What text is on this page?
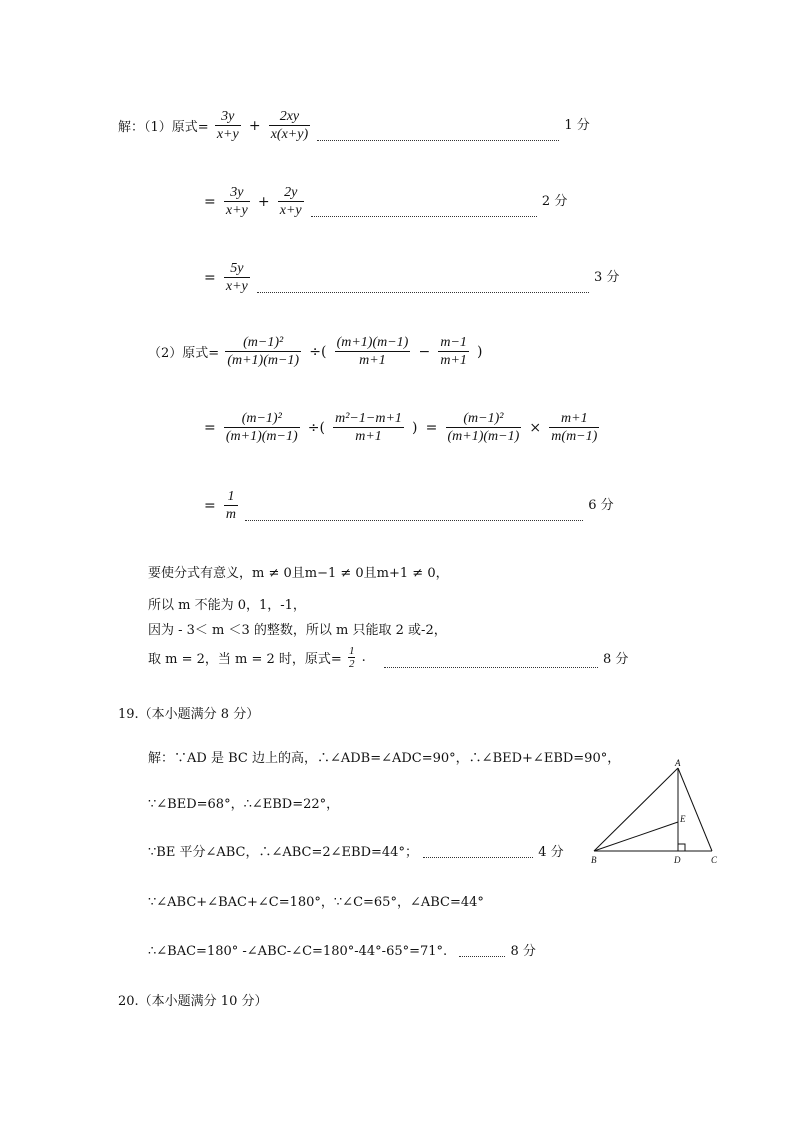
解：（1）原式= $\frac{3y}{x+y} + \frac{2xy}{x(x+y)}$	1 分
= $\frac{3y}{x+y} + \frac{2y}{x+y}$	2 分
= $\frac{5y}{x+y}$	3 分
（2）原式= $\frac{\text{(m−1)²}}{(m+1)(m-1)}$ ÷( $\frac{(m+1)(m-1)}{m+1} - \frac{m-1}{m+1}$ )
= $\frac{\text{(m−1)²}}{(m+1)(m-1)}$ ÷( $\frac{\text{m²−1−m+1}}{m+1}$ ) = $\frac{\text{(m−1)²}}{(m+1)(m-1)} \times \frac{m+1}{m(m-1)}$
= $\frac{1}{m}$	6 分
要使分式有意义，m ≠ 0且m−1 ≠ 0且m+1 ≠ 0，
所以 m 不能为 0，1，-1，
因为 - 3＜ m ＜3 的整数，所以 m 只能取 2 或-2，
取 m = 2，当 m = 2 时，原式= $\frac{1}{2}$ .	8 分
19.（本小题满分 8 分）
解：∵AD 是 BC 边上的高，∴∠ADB=∠ADC=90°，∴∠BED+∠EBD=90°，
∵∠BED=68°，∴∠EBD=22°，
∵BE 平分∠ABC，∴∠ABC=2∠EBD=44°；	4 分
∵∠ABC+∠BAC+∠C=180°，∵∠C=65°，∠ABC=44°
∴∠BAC=180° -∠ABC-∠C=180°-44°-65°=71°.	8 分
A
B	C
D
E
20.（本小题满分 10 分）
